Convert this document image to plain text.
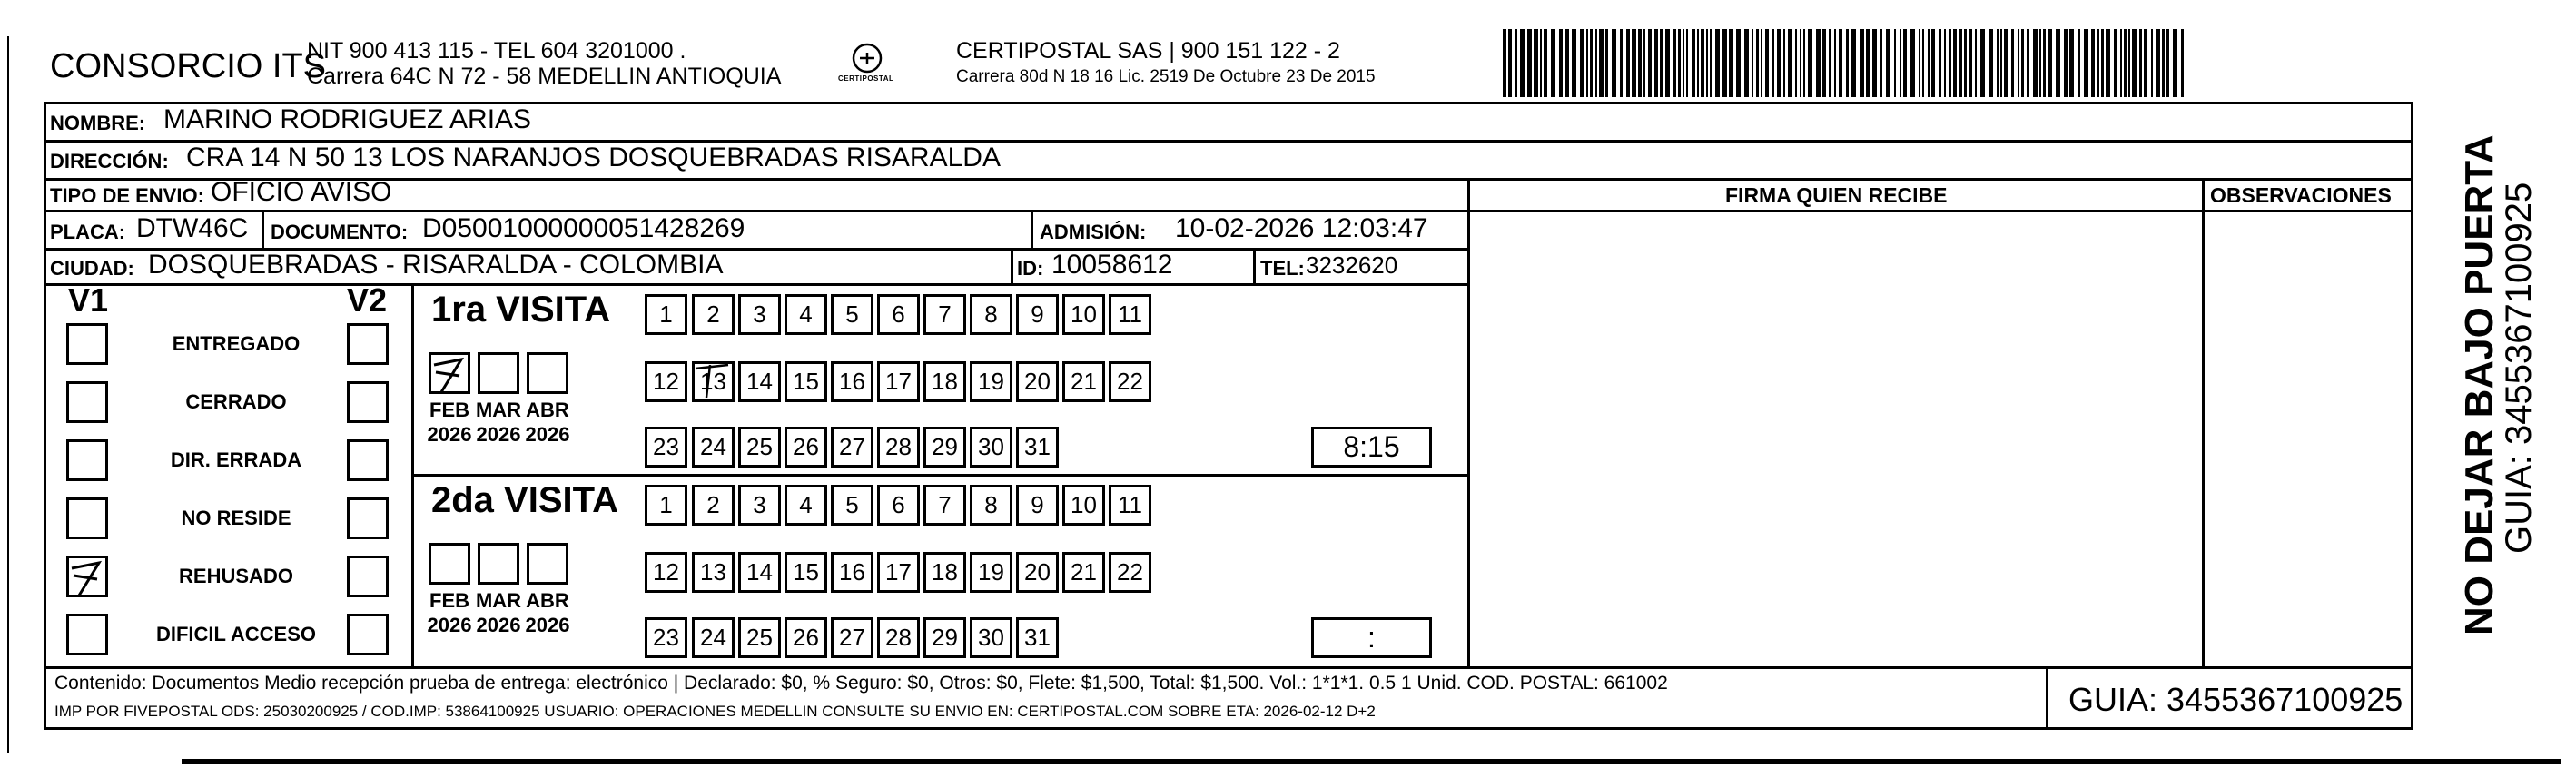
CONSORCIO ITS
NIT 900 413 115 - TEL 604 3201000 .
Carrera 64C N 72 - 58 MEDELLIN ANTIOQUIA	CERTIPOSTAL
CERTIPOSTAL SAS | 900 151 122 - 2
Carrera 80d N 18 16 Lic. 2519 De Octubre 23 De 2015
NOMBRE: MARINO RODRIGUEZ ARIAS
DIRECCIÓN: CRA 14 N 50 13 LOS NARANJOS DOSQUEBRADAS RISARALDA
TIPO DE ENVIO: OFICIO AVISO	FIRMA QUIEN RECIBE	OBSERVACIONES
PLACA: DTW46C DOCUMENTO: D05001000000051428269	ADMISIÓN: 10-02-2026 12:03:47
CIUDAD: DOSQUEBRADAS - RISARALDA - COLOMBIA	ID: 10058612	TEL: 3232620
V1	V2
ENTREGADO
CERRADO
DIR. ERRADA
NO RESIDE
REHUSADO
DIFICIL ACCESO
1ra VISITA
FEB
2026
MAR
2026
ABR
2026
1	2	3	4	5	6	7	8	9	10 11
12 13 14 15 16 17 18 19 20 21 22
23 24 25 26 27 28 29 30 31	8:15
2da VISITA
FEB
2026
MAR
2026
ABR
2026
1	2	3	4	5	6	7	8	9	10 11
12 13 14 15 16 17 18 19 20 21 22
23 24 25 26 27 28 29 30 31	:
Contenido: Documentos Medio recepción prueba de entrega: electrónico | Declarado: $0, % Seguro: $0, Otros: $0, Flete: $1,500, Total: $1,500. Vol.: 1*1*1. 0.5 1 Unid. COD. POSTAL: 661002
IMP POR FIVEPOSTAL ODS: 25030200925 / COD.IMP: 53864100925 USUARIO: OPERACIONES MEDELLIN CONSULTE SU ENVIO EN: CERTIPOSTAL.COM SOBRE ETA: 2026-02-12 D+2	GUIA: 3455367100925
NO DEJAR BAJO PUERTA
GUIA: 3455367100925
